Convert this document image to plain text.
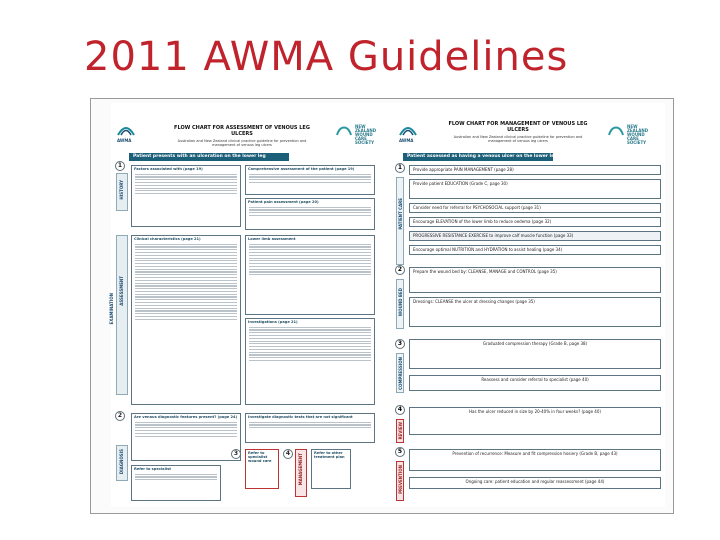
2011 AWMA Guidelines
AWMA
FLOW CHART FOR ASSESSMENT OF VENOUS LEG ULCERS
Australian and New Zealand clinical practice guideline for prevention and management of venous leg ulcers
NEW ZEALAND WOUND CARE SOCIETY
Patient presents with an ulceration on the lower leg
1
HISTORY
Factors associated with (page 19)	Comprehensive assessment of the patient (page 19)
Patient pain assessment (page 20)
ASSESSMENT
EXAMINATION
Clinical characteristics (page 21)	Lower limb assessment
Investigations (page 21)
2	Are venous diagnostic features present? (page 24)	Investigate diagnostic tests that are not significant
DIAGNOSIS	3	4
Refer to specialist
Refer to specialist wound care	MANAGEMENT	Refer to other treatment plan
AWMA
FLOW CHART FOR MANAGEMENT OF VENOUS LEG ULCERS
Australian and New Zealand clinical practice guideline for prevention and management of venous leg ulcers
NEW ZEALAND WOUND CARE SOCIETY
Patient assessed as having a venous ulcer on the lower leg
1
PATIENT CARE
Provide appropriate PAIN MANAGEMENT (page 28)
Provide patient EDUCATION (Grade C, page 30)
Consider need for referral for PSYCHOSOCIAL support (page 31)
Encourage ELEVATION of the lower limb to reduce oedema (page 32)
PROGRESSIVE RESISTANCE EXERCISE to improve calf muscle function (page 33)
Encourage optimal NUTRITION and HYDRATION to assist healing (page 34)
2
WOUND BED
Prepare the wound bed by: CLEANSE, MANAGE and CONTROL (page 35)
Dressings: CLEANSE the ulcer at dressing changes (page 35)
3
COMPRESSION
Graduated compression therapy (Grade B, page 38)
Reassess and consider referral to specialist (page 40)
4
REVIEW
Has the ulcer reduced in size by 20-40% in four weeks? (page 40)
5
PREVENTION
Prevention of recurrence: Measure and fit compression hosiery (Grade B, page 43)
Ongoing care: patient education and regular reassessment (page 44)
